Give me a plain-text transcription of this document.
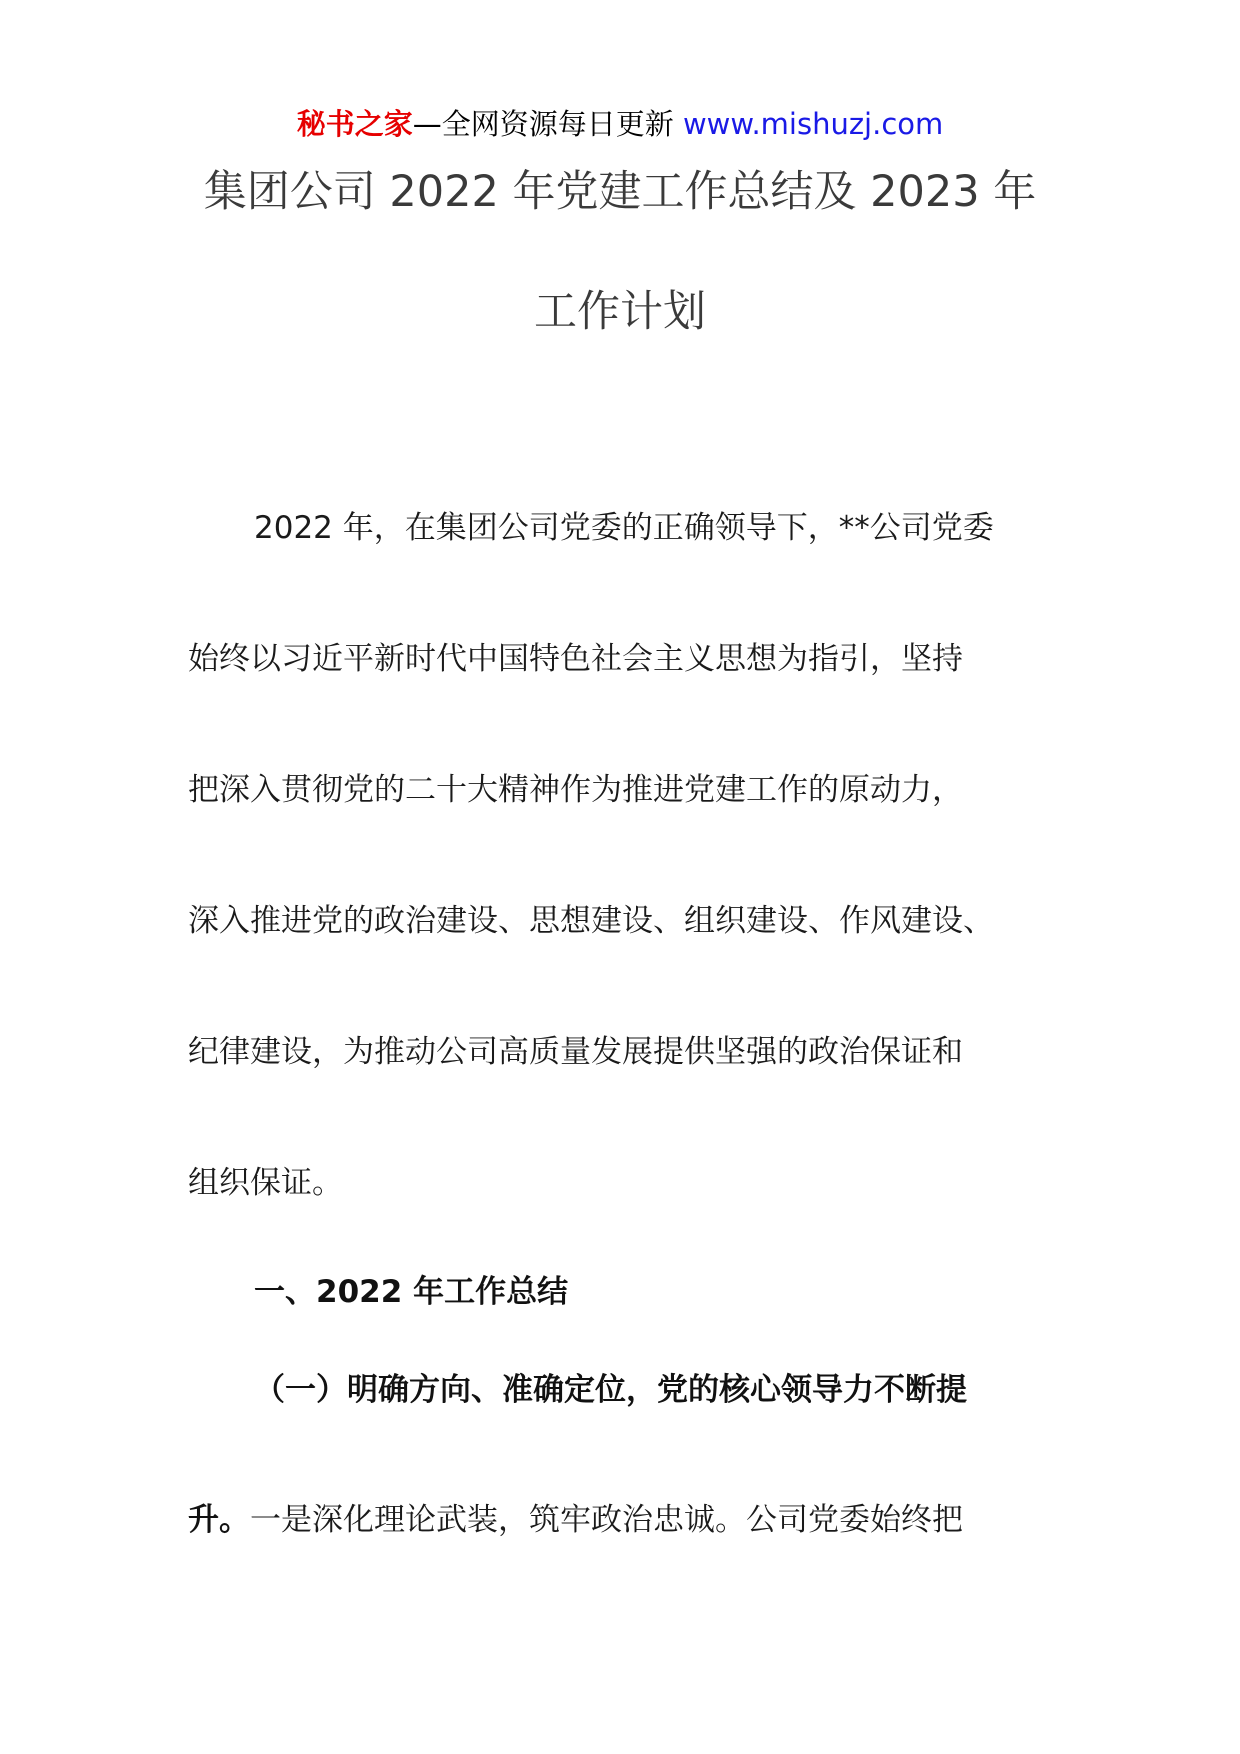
秘书之家—全网资源每日更新 www.mishuzj.com
集团公司 2022 年党建工作总结及 2023 年
工作计划
2022 年，在集团公司党委的正确领导下，**公司党委
始终以习近平新时代中国特色社会主义思想为指引，坚持
把深入贯彻党的二十大精神作为推进党建工作的原动力，
深入推进党的政治建设、思想建设、组织建设、作风建设、
纪律建设，为推动公司高质量发展提供坚强的政治保证和
组织保证。
一、2022 年工作总结
（一）明确方向、准确定位，党的核心领导力不断提
升。一是深化理论武装，筑牢政治忠诚。公司党委始终把
